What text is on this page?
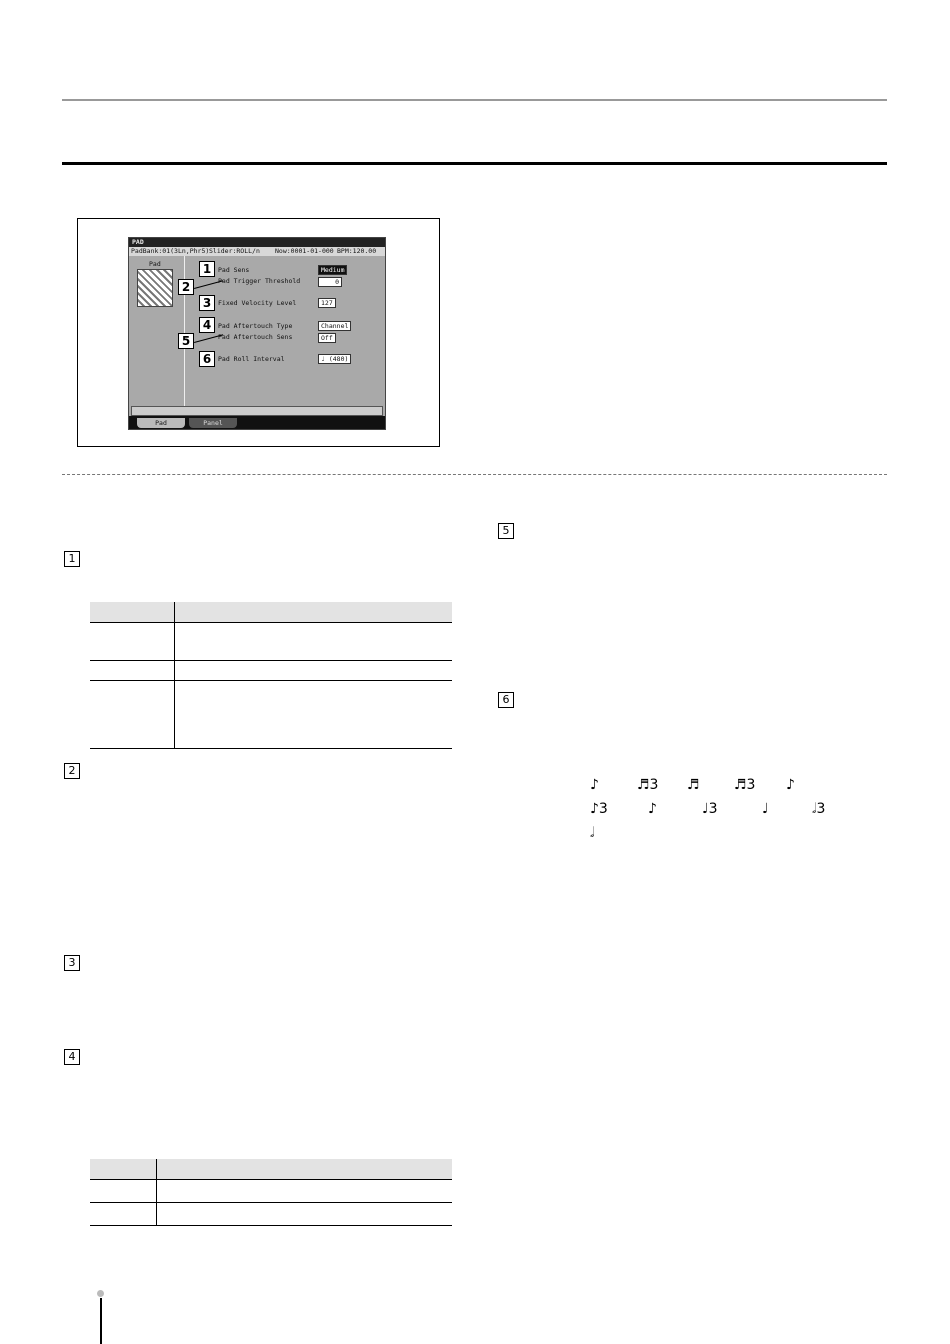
PAD
PadBank:01(3Ln,Phr5) Slider:ROLL/n Now:0001-01-000 BPM:120.00
Pad
Pad Sens	Medium
Pad Trigger Threshold	0
Fixed Velocity Level	127
Pad Aftertouch Type	Channel
Pad Aftertouch Sens	Off
Pad Roll Interval	♩ (480)
Pad	Panel
1
2
3
4
5
6
1
2
3
4
5
6
♪	♬3 ♬ ♬3 ♪
♪3	♪	♩3	♩	𝅗𝅥3
𝅗𝅥
